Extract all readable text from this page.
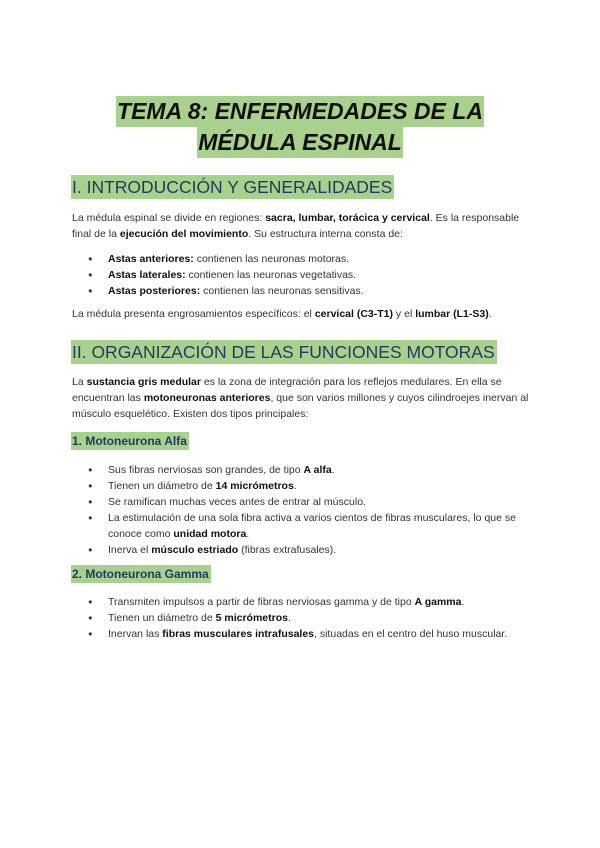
TEMA 8: ENFERMEDADES DE LA
MÉDULA ESPINAL
I. INTRODUCCIÓN Y GENERALIDADES

La médula espinal se divide en regiones: sacra, lumbar, torácica y cervical. Es la responsable final de la ejecución del movimiento. Su estructura interna consta de:

● Astas anteriores: contienen las neuronas motoras.
● Astas laterales: contienen las neuronas vegetativas.
● Astas posteriores: contienen las neuronas sensitivas.

La médula presenta engrosamientos específicos: el cervical (C3-T1) y el lumbar (L1-S3).

II. ORGANIZACIÓN DE LAS FUNCIONES MOTORAS

La sustancia gris medular es la zona de integración para los reflejos medulares. En ella se encuentran las motoneuronas anteriores, que son varios millones y cuyos cilindroejes inervan al músculo esquelético. Existen dos tipos principales:

1. Motoneurona Alfa
● Sus fibras nerviosas son grandes, de tipo A alfa.
● Tienen un diámetro de 14 micrómetros.
● Se ramifican muchas veces antes de entrar al músculo.
● La estimulación de una sola fibra activa a varios cientos de fibras musculares, lo que se conoce como unidad motora.
● Inerva el músculo estriado (fibras extrafusales).
2. Motoneurona Gamma
● Transmiten impulsos a partir de fibras nerviosas gamma y de tipo A gamma.
● Tienen un diámetro de 5 micrómetros.
● Inervan las fibras musculares intrafusales, situadas en el centro del huso muscular.
